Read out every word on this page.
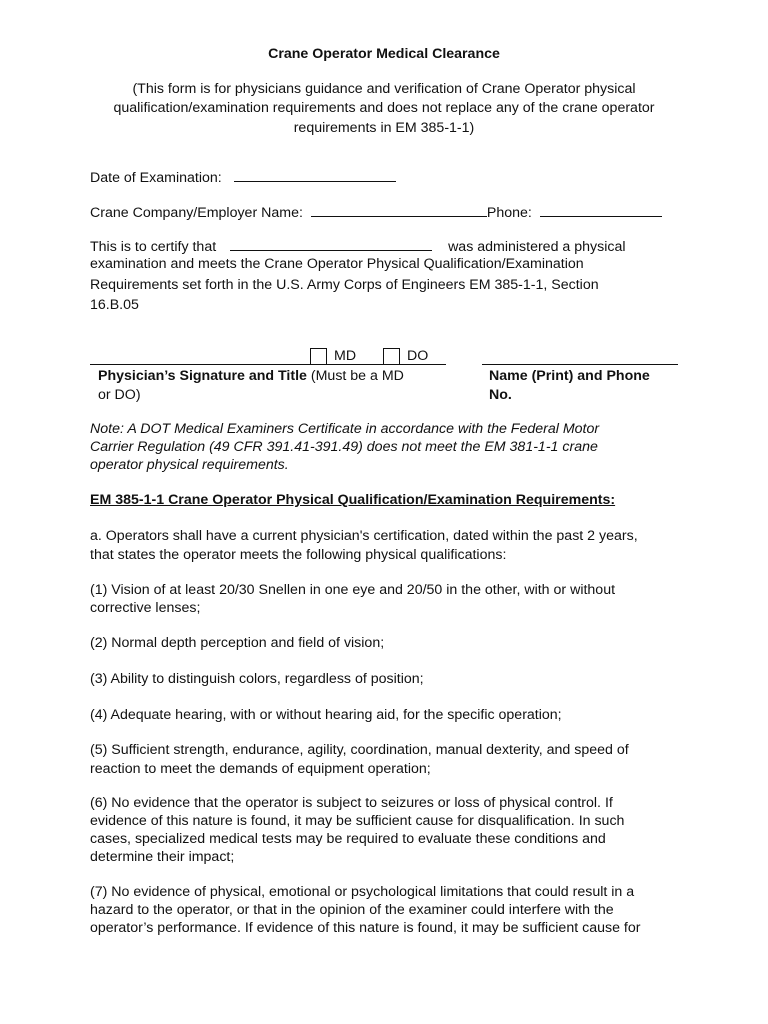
Crane Operator Medical Clearance
(This form is for physicians guidance and verification of Crane Operator physical
qualification/examination requirements and does not replace any of the crane operator
requirements in EM 385-1-1)
Date of Examination:
Crane Company/Employer Name:	Phone:
This is to certify that	was administered a physical
examination and meets the Crane Operator Physical Qualification/Examination
Requirements set forth in the U.S. Army Corps of Engineers EM 385-1-1, Section
16.B.05
MD	DO
Physician’s Signature and Title (Must be a MD
or DO)
Name (Print) and Phone
No.
Note: A DOT Medical Examiners Certificate in accordance with the Federal Motor
Carrier Regulation (49 CFR 391.41-391.49) does not meet the EM 381-1-1 crane
operator physical requirements.
EM 385-1-1 Crane Operator Physical Qualification/Examination Requirements:
a. Operators shall have a current physician's certification, dated within the past 2 years,
that states the operator meets the following physical qualifications:
(1) Vision of at least 20/30 Snellen in one eye and 20/50 in the other, with or without
corrective lenses;
(2) Normal depth perception and field of vision;
(3) Ability to distinguish colors, regardless of position;
(4) Adequate hearing, with or without hearing aid, for the specific operation;
(5) Sufficient strength, endurance, agility, coordination, manual dexterity, and speed of
reaction to meet the demands of equipment operation;
(6) No evidence that the operator is subject to seizures or loss of physical control. If
evidence of this nature is found, it may be sufficient cause for disqualification. In such
cases, specialized medical tests may be required to evaluate these conditions and
determine their impact;
(7) No evidence of physical, emotional or psychological limitations that could result in a
hazard to the operator, or that in the opinion of the examiner could interfere with the
operator’s performance. If evidence of this nature is found, it may be sufficient cause for
